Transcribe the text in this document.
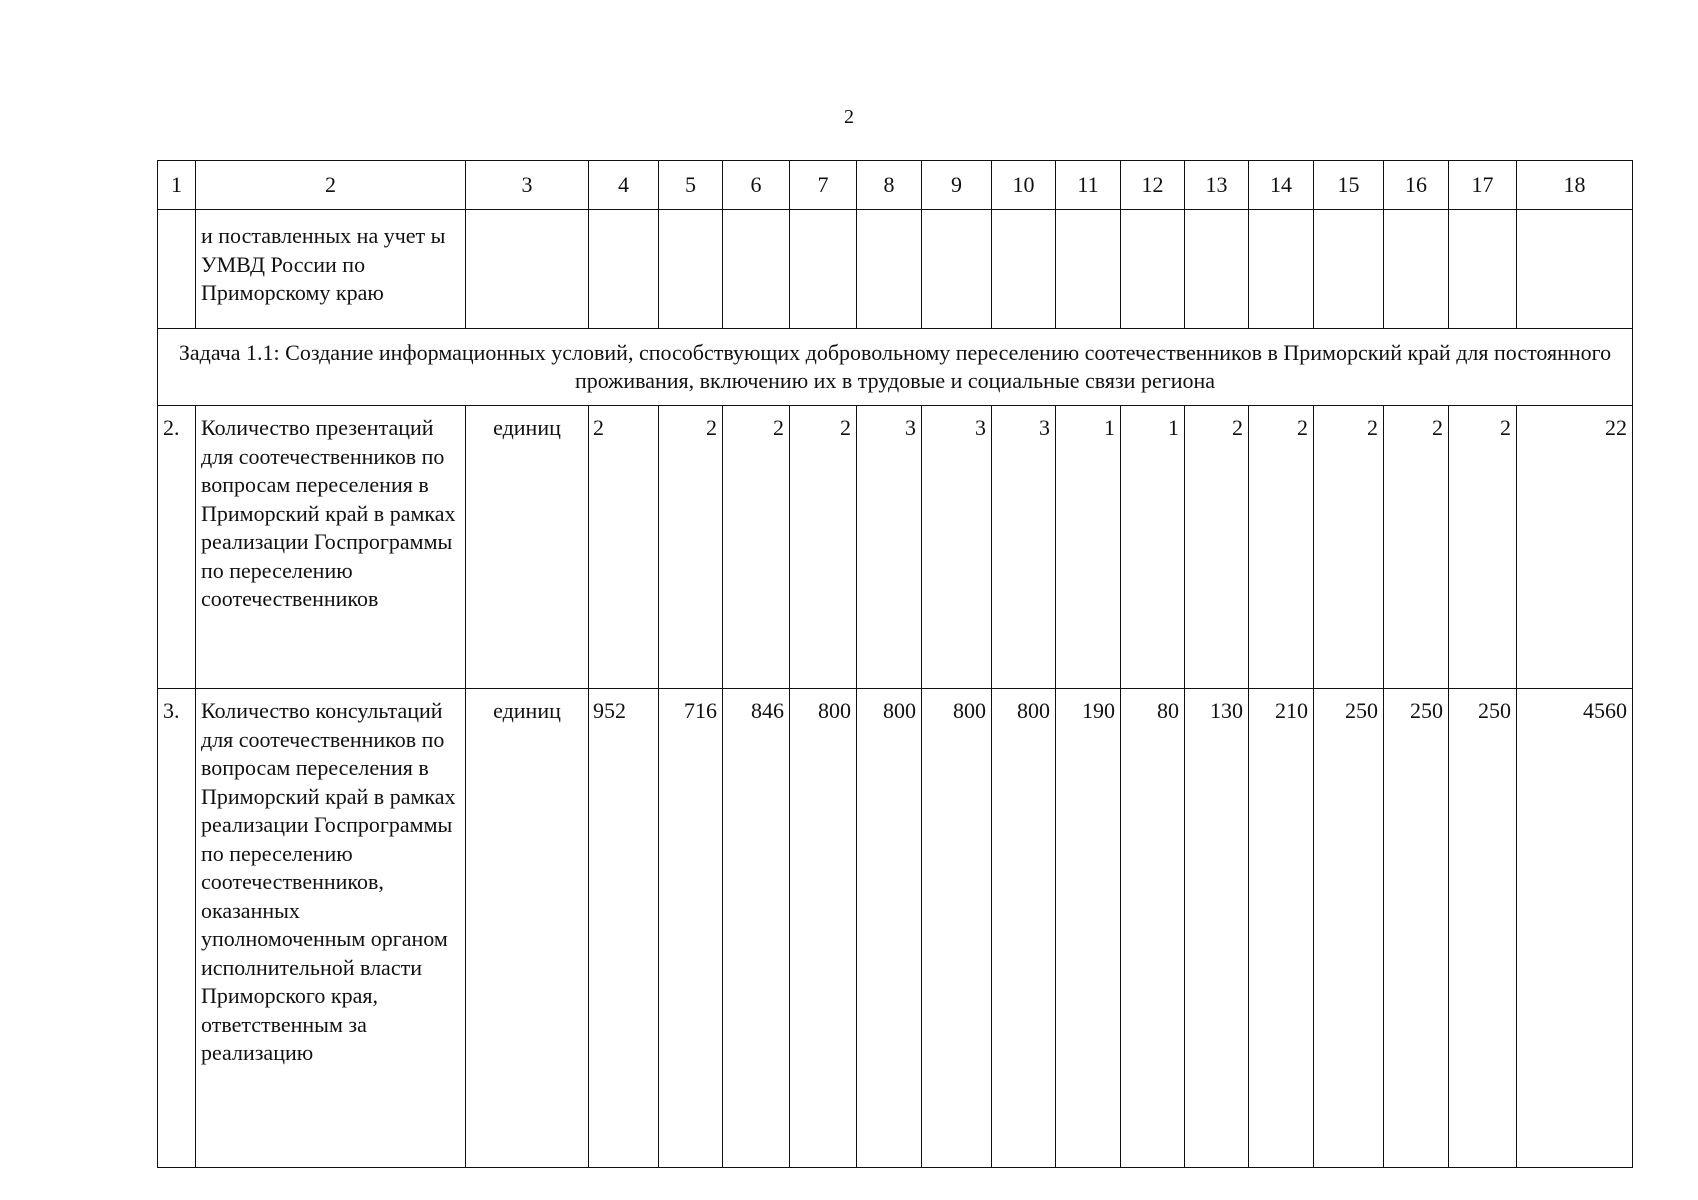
2
1	2	3	4	5	6	7	8	9	10	11	12	13	14	15	16	17	18
	и поставленных на учет ы УМВД России по Приморскому краю																
Задача 1.1: Создание информационных условий, способствующих добровольному переселению соотечественников в Приморский край для постоянного проживания, включению их в трудовые и социальные связи региона																	
2.	Количество презентаций для соотечественников по вопросам переселения в Приморский край в рамках реализации Госпрограммы по переселению соотечественников	единиц	2	2	2	2	3	3	3	1	1	2	2	2	2	2	22
3.	Количество консультаций для соотечественников по вопросам переселения в Приморский край в рамках реализации Госпрограммы по переселению соотечественников, оказанных уполномоченным органом исполнительной власти Приморского края, ответственным за реализацию	единиц	952	716	846	800	800	800	800	190	80	130	210	250	250	250	4560
